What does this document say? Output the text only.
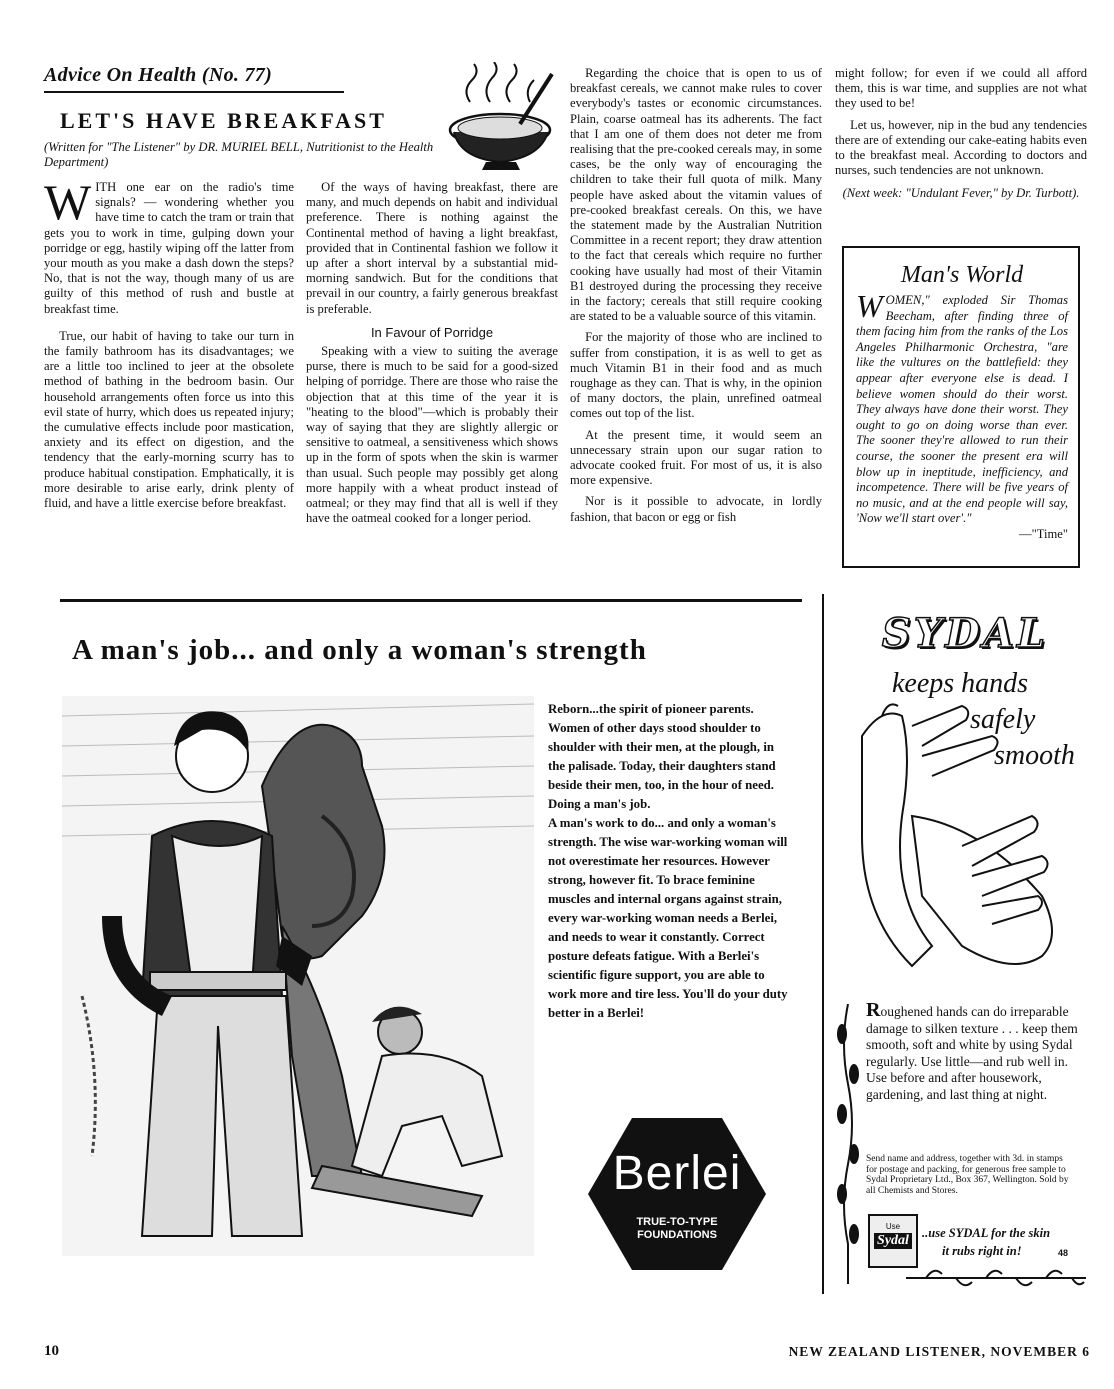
Advice On Health (No. 77)
LET'S HAVE BREAKFAST
(Written for "The Listener" by DR. MURIEL BELL, Nutritionist to the Health Department)

WITH one ear on the radio's time signals? — wondering whether you have time to catch the tram or train that gets you to work in time, gulping down your porridge or egg, hastily wiping off the latter from your mouth as you make a dash down the steps? No, that is not the way, though many of us are guilty of this method of rush and bustle at breakfast time.

True, our habit of having to take our turn in the family bathroom has its disadvantages; we are a little too inclined to jeer at the obsolete method of bathing in the bedroom basin. Our household arrangements often force us into this evil state of hurry, which does us repeated injury; the cumulative effects include poor mastication, anxiety and its effect on digestion, and the tendency that the early-morning scurry has to produce habitual constipation. Emphatically, it is more desirable to arise early, drink plenty of fluid, and have a little exercise before breakfast.

Of the ways of having breakfast, there are many, and much depends on habit and individual preference. There is nothing against the Continental method of having a light breakfast, provided that in Continental fashion we follow it up after a short interval by a substantial mid-morning sandwich. But for the conditions that prevail in our country, a fairly generous breakfast is preferable.

In Favour of Porridge

Speaking with a view to suiting the average purse, there is much to be said for a good-sized helping of porridge. There are those who raise the objection that at this time of the year it is "heating to the blood"—which is probably their way of saying that they are slightly allergic or sensitive to oatmeal, a sensitiveness which shows up in the form of spots when the skin is warmer than usual. Such people may possibly get along more happily with a wheat product instead of oatmeal; or they may find that all is well if they have the oatmeal cooked for a longer period.

Regarding the choice that is open to us of breakfast cereals, we cannot make rules to cover everybody's tastes or economic circumstances. Plain, coarse oatmeal has its adherents. The fact that I am one of them does not deter me from realising that the pre-cooked cereals may, in some cases, be the only way of encouraging the children to take their full quota of milk. Many people have asked about the vitamin values of pre-cooked breakfast cereals. On this, we have the statement made by the Australian Nutrition Committee in a recent report; they draw attention to the fact that cereals which require no further cooking have usually had most of their Vitamin B1 destroyed during the processing they receive in the factory; cereals that still require cooking are stated to be a valuable source of this vitamin.

For the majority of those who are inclined to suffer from constipation, it is as well to get as much Vitamin B1 in their food and as much roughage as they can. That is why, in the opinion of many doctors, the plain, unrefined oatmeal comes out top of the list.

At the present time, it would seem an unnecessary strain upon our sugar ration to advocate cooked fruit. For most of us, it is also more expensive.

Nor is it possible to advocate, in lordly fashion, that bacon or egg or fish

might follow; for even if we could all afford them, this is war time, and supplies are not what they used to be!

Let us, however, nip in the bud any tendencies there are of extending our cake-eating habits even to the breakfast meal. According to doctors and nurses, such tendencies are not unknown.

(Next week: "Undulant Fever," by Dr. Turbott).

Man's World
WOMEN," exploded Sir Thomas Beecham, after finding three of them facing him from the ranks of the Los Angeles Philharmonic Orchestra, "are like the vultures on the battlefield: they appear after everyone else is dead. I believe women should do their worst. They always have done their worst. They ought to go on doing worse than ever. The sooner they're allowed to run their course, the sooner the present era will blow up in ineptitude, inefficiency, and incompetence. There will be five years of no music, and at the end people will say, 'Now we'll start over'."
—"Time"
A man's job... and only a woman's strength

Reborn...the spirit of pioneer parents. Women of other days stood shoulder to shoulder with their men, at the plough, in the palisade. Today, their daughters stand beside their men, too, in the hour of need. Doing a man's job.

A man's work to do... and only a woman's strength. The wise war-working woman will not overestimate her resources. However strong, however fit. To brace feminine muscles and internal organs against strain, every war-working woman needs a Berlei, and needs to wear it constantly. Correct posture defeats fatigue. With a Berlei's scientific figure support, you are able to work more and tire less. You'll do your duty better in a Berlei!

Berlei
TRUE-TO-TYPE
FOUNDATIONS
SYDAL
keeps hands
safely
smooth
Roughened hands can do irreparable damage to silken texture . . . keep them smooth, soft and white by using Sydal regularly. Use little—and rub well in. Use before and after housework, gardening, and last thing at night.
Send name and address, together with 3d. in stamps for postage and packing, for generous free sample to Sydal Proprietary Ltd., Box 367, Wellington. Sold by all Chemists and Stores.
Use
Sydal ..use SYDAL for the skin
it rubs right in!	48
10	NEW ZEALAND LISTENER, NOVEMBER 6
